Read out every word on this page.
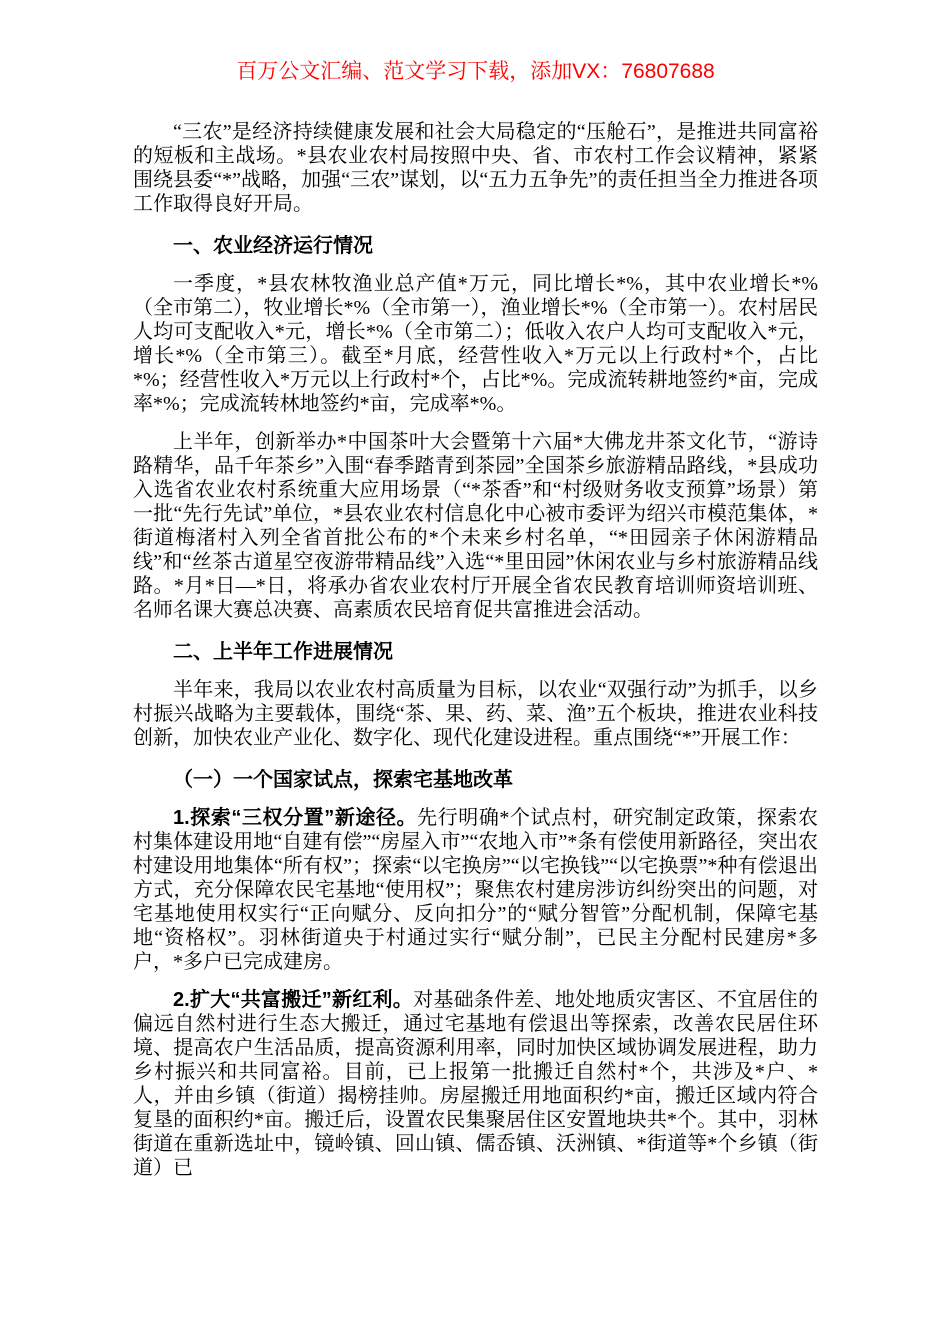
百万公文汇编、范文学习下载，添加VX：76807688

“三农”是经济持续健康发展和社会大局稳定的“压舱石”，是推进共同富裕的短板和主战场。*县农业农村局按照中央、省、市农村工作会议精神，紧紧围绕县委“*”战略，加强“三农”谋划，以“五力五争先”的责任担当全力推进各项工作取得良好开局。

一、农业经济运行情况

一季度，*县农林牧渔业总产值*万元，同比增长*%，其中农业增长*%（全市第二），牧业增长*%（全市第一），渔业增长*%（全市第一）。农村居民人均可支配收入*元，增长*%（全市第二）；低收入农户人均可支配收入*元，增长*%（全市第三）。截至*月底，经营性收入*万元以上行政村*个，占比*%；经营性收入*万元以上行政村*个，占比*%。完成流转耕地签约*亩，完成率*%；完成流转林地签约*亩，完成率*%。

上半年，创新举办*中国茶叶大会暨第十六届*大佛龙井茶文化节，“游诗路精华，品千年茶乡”入围“春季踏青到茶园”全国茶乡旅游精品路线，*县成功入选省农业农村系统重大应用场景（“*茶香”和“村级财务收支预算”场景）第一批“先行先试”单位，*县农业农村信息化中心被市委评为绍兴市模范集体，*街道梅渚村入列全省首批公布的*个未来乡村名单，“*田园亲子休闲游精品线”和“丝茶古道星空夜游带精品线”入选“*里田园”休闲农业与乡村旅游精品线路。*月*日—*日，将承办省农业农村厅开展全省农民教育培训师资培训班、名师名课大赛总决赛、高素质农民培育促共富推进会活动。

二、上半年工作进展情况

半年来，我局以农业农村高质量为目标，以农业“双强行动”为抓手，以乡村振兴战略为主要载体，围绕“茶、果、药、菜、渔”五个板块，推进农业科技创新，加快农业产业化、数字化、现代化建设进程。重点围绕“*”开展工作：

（一）一个国家试点，探索宅基地改革

1.探索“三权分置”新途径。先行明确*个试点村，研究制定政策，探索农村集体建设用地“自建有偿”“房屋入市”“农地入市”*条有偿使用新路径，突出农村建设用地集体“所有权”；探索“以宅换房”“以宅换钱”“以宅换票”*种有偿退出方式，充分保障农民宅基地“使用权”；聚焦农村建房涉访纠纷突出的问题，对宅基地使用权实行“正向赋分、反向扣分”的“赋分智管”分配机制，保障宅基地“资格权”。羽林街道央于村通过实行“赋分制”，已民主分配村民建房*多户，*多户已完成建房。

2.扩大“共富搬迁”新红利。对基础条件差、地处地质灾害区、不宜居住的偏远自然村进行生态大搬迁，通过宅基地有偿退出等探索，改善农民居住环境、提高农户生活品质，提高资源利用率，同时加快区域协调发展进程，助力乡村振兴和共同富裕。目前，已上报第一批搬迁自然村*个，共涉及*户、*人，并由乡镇（街道）揭榜挂帅。房屋搬迁用地面积约*亩，搬迁区域内符合复垦的面积约*亩。搬迁后，设置农民集聚居住区安置地块共*个。其中，羽林街道在重新选址中，镜岭镇、回山镇、儒岙镇、沃洲镇、*街道等*个乡镇（街道）已
